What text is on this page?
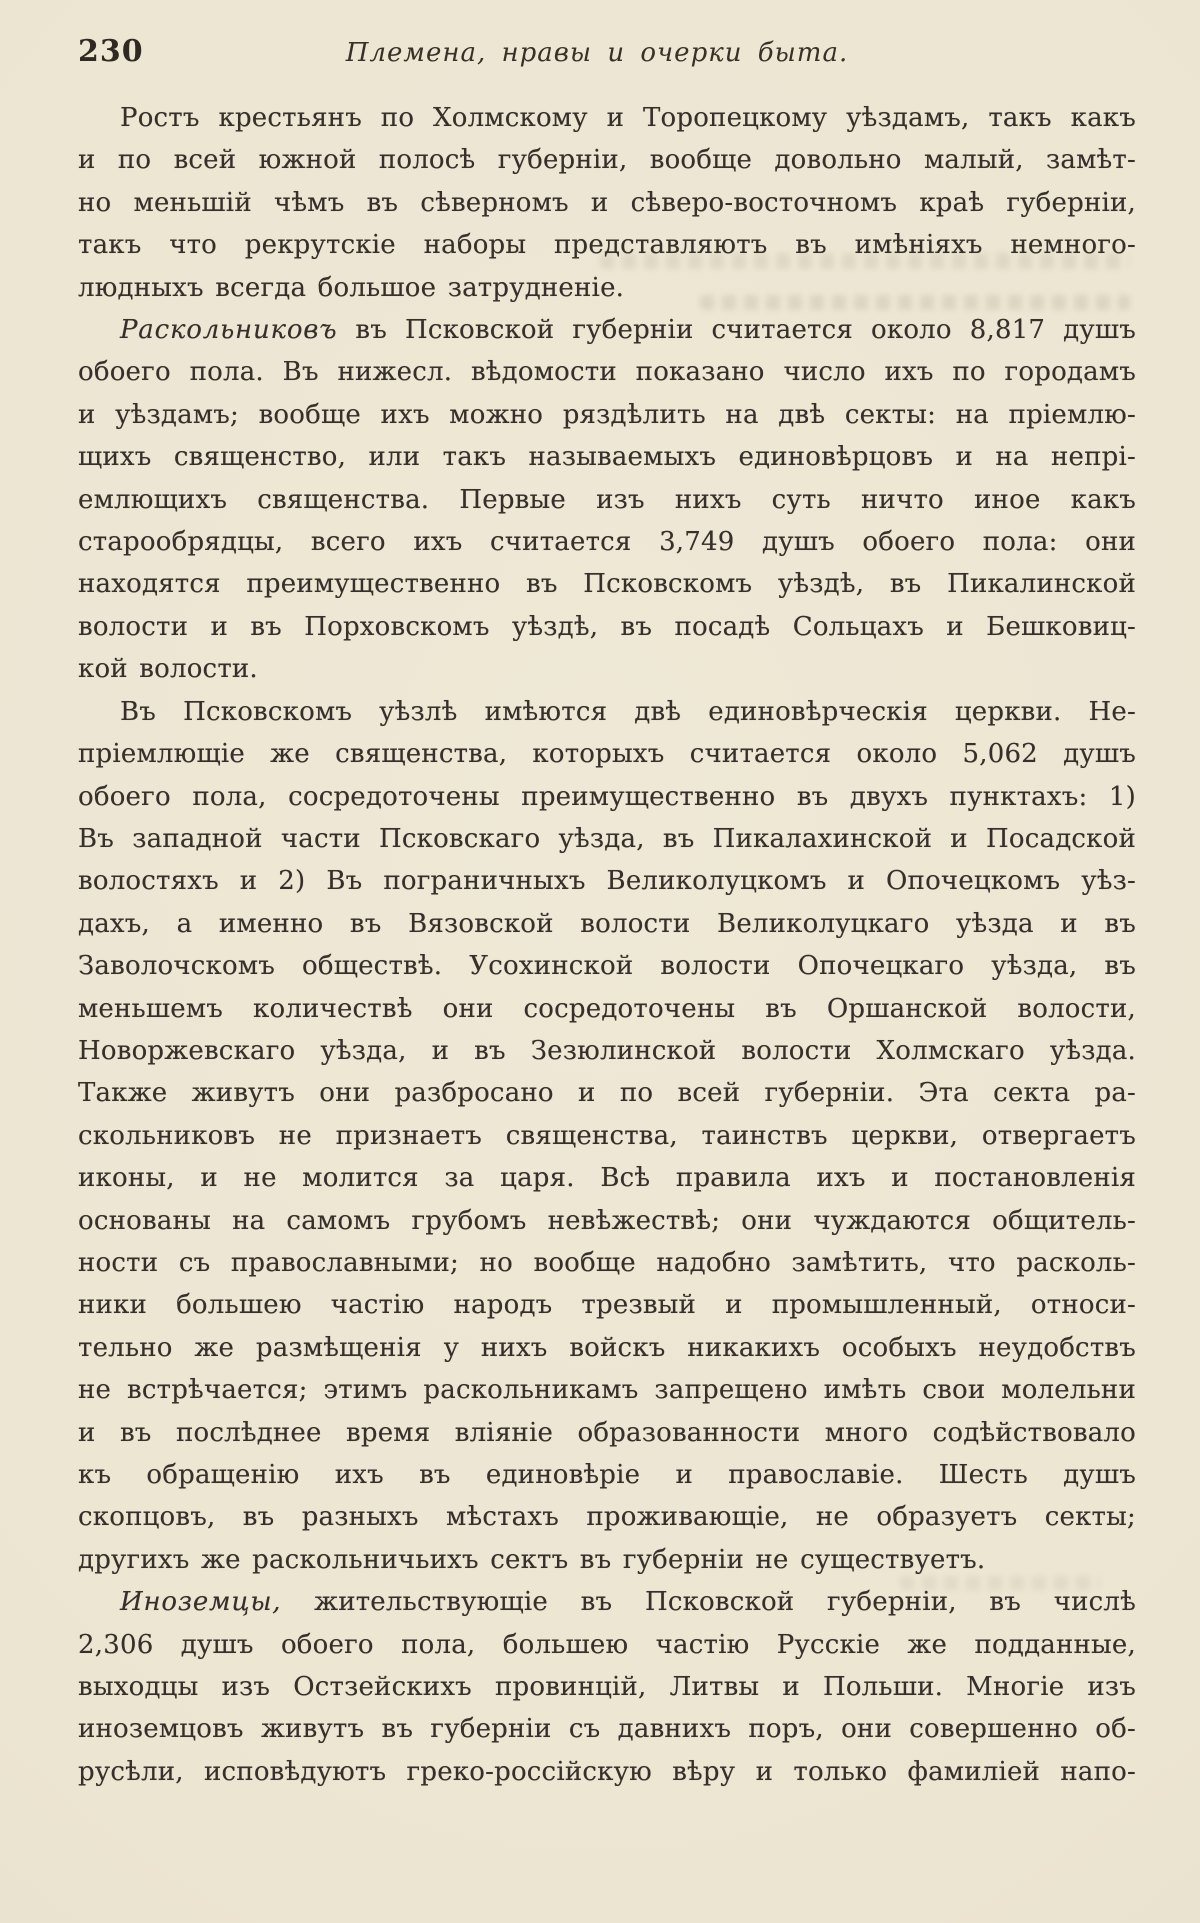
230	Племена, нравы и очерки быта.
Ростъ крестьянъ по Холмскому и Торопецкому уѣздамъ, такъ какъ
и по всей южной полосѣ губерніи, вообще довольно малый, замѣт-
но меньшій чѣмъ въ сѣверномъ и сѣверо-восточномъ краѣ губерніи,
такъ что рекрутскіе наборы представляютъ въ имѣніяхъ немного-
людныхъ всегда большое затрудненіе.
Раскольниковъ въ Псковской губерніи считается около 8,817 душъ
обоего пола. Въ нижесл. вѣдомости показано число ихъ по городамъ
и уѣздамъ; вообще ихъ можно ряздѣлить на двѣ секты: на пріемлю-
щихъ священство, или такъ называемыхъ единовѣрцовъ и на непрі-
емлющихъ священства. Первые изъ нихъ суть ничто иное какъ
старообрядцы, всего ихъ считается 3,749 душъ обоего пола: они
находятся преимущественно въ Псковскомъ уѣздѣ, въ Пикалинской
волости и въ Порховскомъ уѣздѣ, въ посадѣ Сольцахъ и Бешковиц-
кой волости.
Въ Псковскомъ уѣзлѣ имѣются двѣ единовѣрческія церкви. Не-
пріемлющіе же священства, которыхъ считается около 5,062 душъ
обоего пола, сосредоточены преимущественно въ двухъ пунктахъ: 1)
Въ западной части Псковскаго уѣзда, въ Пикалахинской и Посадской
волостяхъ и 2) Въ пограничныхъ Великолуцкомъ и Опочецкомъ уѣз-
дахъ, а именно въ Вязовской волости Великолуцкаго уѣзда и въ
Заволочскомъ обществѣ. Усохинской волости Опочецкаго уѣзда, въ
меньшемъ количествѣ они сосредоточены въ Оршанской волости,
Новоржевскаго уѣзда, и въ Зезюлинской волости Холмскаго уѣзда.
Также живутъ они разбросано и по всей губерніи. Эта секта ра-
скольниковъ не признаетъ священства, таинствъ церкви, отвергаетъ
иконы, и не молится за царя. Всѣ правила ихъ и постановленія
основаны на самомъ грубомъ невѣжествѣ; они чуждаются общитель-
ности съ православными; но вообще надобно замѣтить, что расколь-
ники большею частію народъ трезвый и промышленный, относи-
тельно же размѣщенія у нихъ войскъ никакихъ особыхъ неудобствъ
не встрѣчается; этимъ раскольникамъ запрещено имѣть свои молельни
и въ послѣднее время вліяніе образованности много содѣйствовало
къ обращенію ихъ въ единовѣріе и православіе. Шесть душъ
скопцовъ, въ разныхъ мѣстахъ проживающіе, не образуетъ секты;
другихъ же раскольничьихъ сектъ въ губерніи не существуетъ.
Иноземцы, жительствующіе въ Псковской губерніи, въ числѣ
2,306 душъ обоего пола, большею частію Русскіе же подданные,
выходцы изъ Остзейскихъ провинцій, Литвы и Польши. Многіе изъ
иноземцовъ живутъ въ губерніи съ давнихъ поръ, они совершенно об-
русѣли, исповѣдуютъ греко-россійскую вѣру и только фамиліей напо-
